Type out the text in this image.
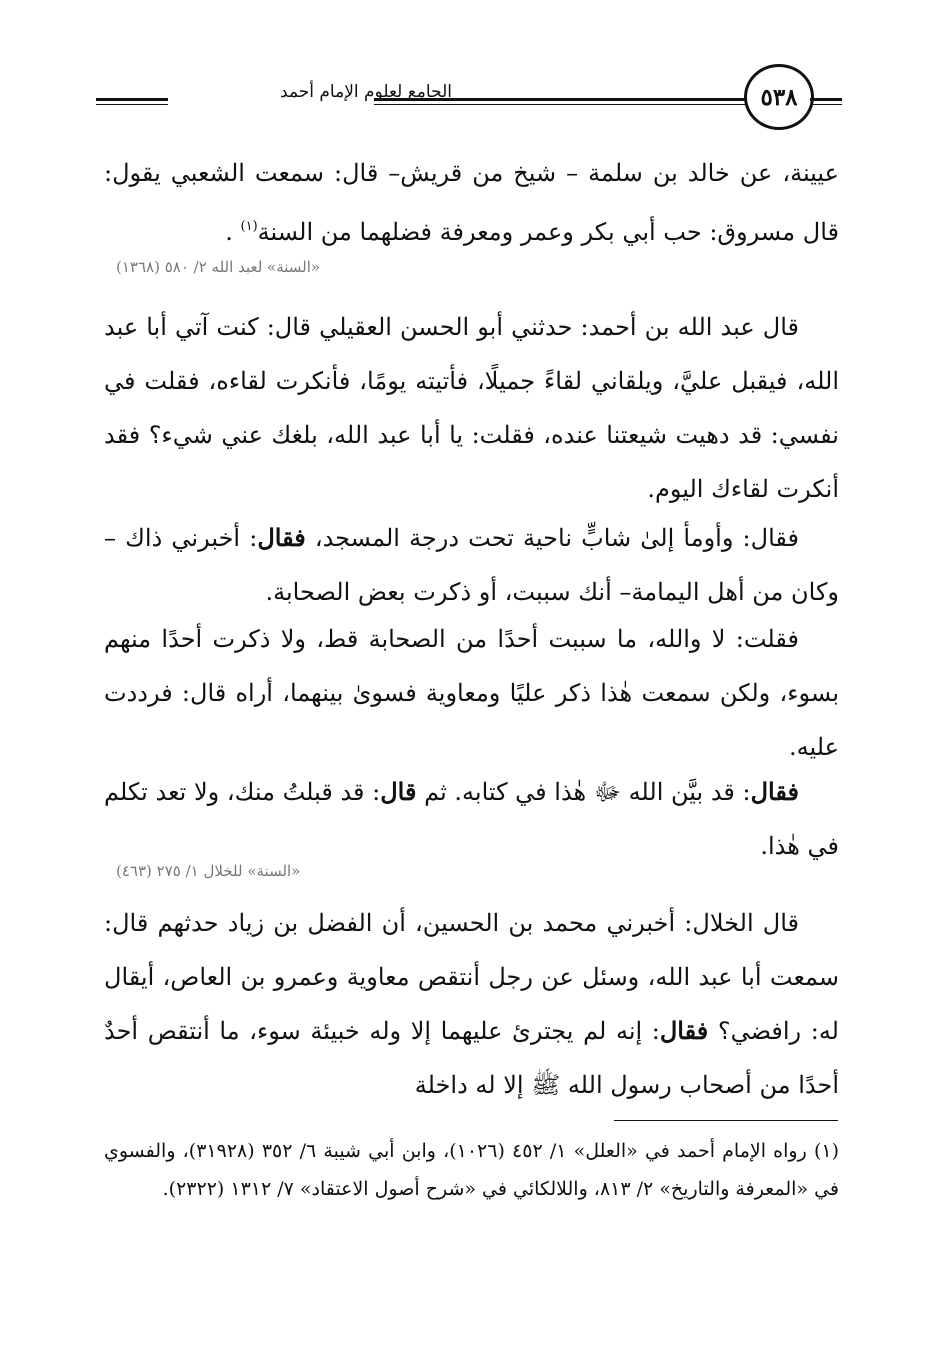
الجامع لعلوم الإمام أحمد	٥٣٨

عيينة، عن خالد بن سلمة – شيخ من قريش– قال: سمعت الشعبي يقول: قال مسروق: حب أبي بكر وعمر ومعرفة فضلهما من السنة$^{(١)}$ .

«السنة» لعبد الله ٢/ ٥٨٠ (١٣٦٨)

قال عبد الله بن أحمد: حدثني أبو الحسن العقيلي قال: كنت آتي أبا عبد الله، فيقبل عليَّ، ويلقاني لقاءً جميلًا، فأتيته يومًا، فأنكرت لقاءه، فقلت في نفسي: قد دهيت شيعتنا عنده، فقلت: يا أبا عبد الله، بلغك عني شيء؟ فقد أنكرت لقاءك اليوم.

فقال: وأومأ إلىٰ شابٍّ ناحية تحت درجة المسجد، فقال: أخبرني ذاك – وكان من أهل اليمامة– أنك سببت، أو ذكرت بعض الصحابة.

فقلت: لا والله، ما سببت أحدًا من الصحابة قط، ولا ذكرت أحدًا منهم بسوء، ولكن سمعت هٰذا ذكر عليًا ومعاوية فسوىٰ بينهما، أراه قال: فرددت عليه.

فقال: قد بيَّن الله ﷻ هٰذا في كتابه. ثم قال: قد قبلتُ منك، ولا تعد تكلم في هٰذا.

«السنة» للخلال ١/ ٢٧٥ (٤٦٣)

قال الخلال: أخبرني محمد بن الحسين، أن الفضل بن زياد حدثهم قال: سمعت أبا عبد الله، وسئل عن رجل أنتقص معاوية وعمرو بن العاص، أيقال له: رافضي؟ فقال: إنه لم يجترئ عليهما إلا وله خبيئة سوء، ما أنتقص أحدٌ أحدًا من أصحاب رسول الله ﷺ إلا له داخلة

(١) رواه الإمام أحمد في «العلل» ١/ ٤٥٢ (١٠٢٦)، وابن أبي شيبة ٦/ ٣٥٢ (٣١٩٢٨)، والفسوي في «المعرفة والتاريخ» ٢/ ٨١٣، واللالكائي في «شرح أصول الاعتقاد» ٧/ ١٣١٢ (٢٣٢٢).
